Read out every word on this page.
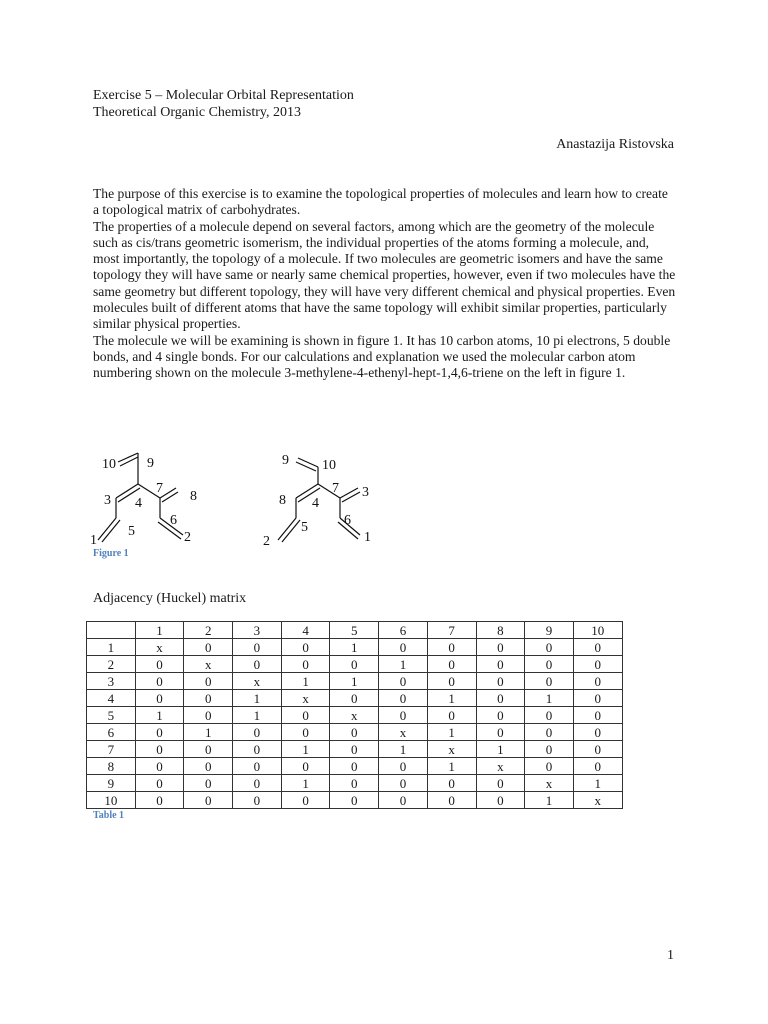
Exercise 5 – Molecular Orbital Representation
Theoretical Organic Chemistry, 2013
Anastazija Ristovska

The purpose of this exercise is to examine the topological properties of molecules and learn how to create a topological matrix of carbohydrates.

The properties of a molecule depend on several factors, among which are the geometry of the molecule such as cis/trans geometric isomerism, the individual properties of the atoms forming a molecule, and, most importantly, the topology of a molecule. If two molecules are geometric isomers and have the same topology they will have same or nearly same chemical properties, however, even if two molecules have the same geometry but different topology, they will have very different chemical and physical properties. Even molecules built of different atoms that have the same topology will exhibit similar properties, particularly similar physical properties.

The molecule we will be examining is shown in figure 1. It has 10 carbon atoms, 10 pi electrons, 5 double bonds, and 4 single bonds. For our calculations and explanation we used the molecular carbon atom numbering shown on the molecule 3-methylene-4-ethenyl-hept-1,4,6-triene on the left in figure 1.

10 9
3 4
7
8
5
6
1	2
9 10
8 4
7 3
5	6
2	1
Figure 1
Adjacency (Huckel) matrix
	1	2	3	4	5	6	7	8	9	10
1	x	0	0	0	1	0	0	0	0	0
2	0	x	0	0	0	1	0	0	0	0
3	0	0	x	1	1	0	0	0	0	0
4	0	0	1	x	0	0	1	0	1	0
5	1	0	1	0	x	0	0	0	0	0
6	0	1	0	0	0	x	1	0	0	0
7	0	0	0	1	0	1	x	1	0	0
8	0	0	0	0	0	0	1	x	0	0
9	0	0	0	1	0	0	0	0	x	1
10	0	0	0	0	0	0	0	0	1	x
Table 1
1
